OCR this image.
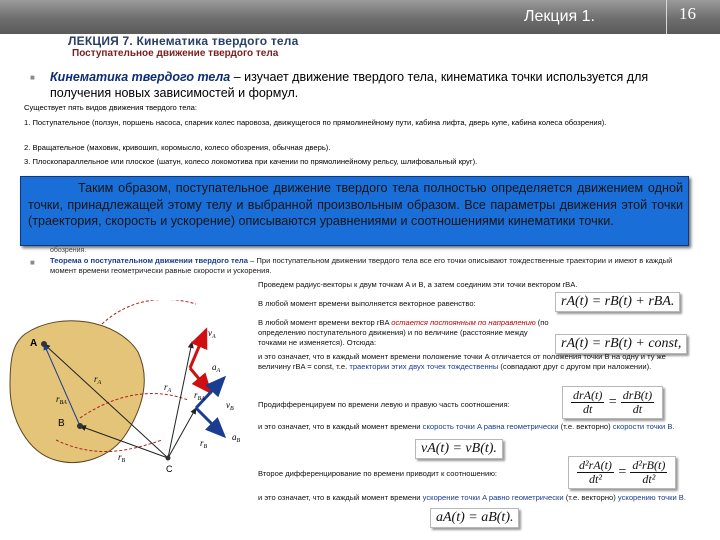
Лекция 1.	16
ЛЕКЦИЯ 7. Кинематика твердого тела
Поступательное движение твердого тела
■ Кинематика твердого тела – изучает движение твердого тела, кинематика точки используется для получения новых зависимостей и формул.
Существует пять видов движения твердого тела:
1. Поступательное (ползун, поршень насоса, спарник колес паровоза, движущегося по прямолинейному пути, кабина лифта, дверь купе, кабина колеса обозрения).
2. Вращательное (маховик, кривошип, коромысло, колесо обозрения, обычная дверь).
3. Плоскопараллельное или плоское (шатун, колесо локомотива при качении по прямолинейному рельсу, шлифовальный круг).
Таким образом, поступательное движение твердого тела полностью определяется движением одной точки, принадлежащей этому телу и выбранной произвольным образом. Все параметры движения этой точки (траектория, скорость и ускорение) описываются уравнениями и соотношениями кинематики точки.
обозрения.
■ Теорема о поступательном движении твердого тела – При поступательном движении твердого тела все его точки описывают тождественные траектории и имеют в каждый момент времени геометрически равные скорости и ускорения.
A
B
C
$r_A$
$r_{BA}$
$r_B$
$r_A$	$r_{BA}$
$r_B$
$v_A$
$a_A$
$v_B$
$a_B$
Проведем радиус-векторы к двум точкам A и B, а затем соединим эти точки вектором rBA.
В любой момент времени выполняется векторное равенство:	rA(t) = rB(t) + rBA.
В любой момент времени вектор rBA остается постоянным по направлению (по определению поступательного движения) и по величине (расстояние между точками не изменяется). Отсюда:	rA(t) = rB(t) + const,
и это означает, что в каждый момент времени положение точки A отличается от положения точки B на одну и ту же величину rBA = const, т.е. траектории этих двух точек тождественны (совпадают друг с другом при наложении).
Продифференцируем по времени левую и правую часть соотношения:	$\frac{\text{drA(t)}}{dt} = \frac{\text{drB(t)}}{dt}$
и это означает, что в каждый момент времени скорость точки A равна геометрически (т.е. векторно) скорости точки B.
vA(t) = vB(t).
Второе дифференцирование по времени приводит к соотношению:	$\frac{\text{d²rA(t)}}{\text{dt²}} = \frac{\text{d²rB(t)}}{\text{dt²}}$
и это означает, что в каждый момент времени ускорение точки A равно геометрически (т.е. векторно) ускорению точки B.
aA(t) = aB(t).
